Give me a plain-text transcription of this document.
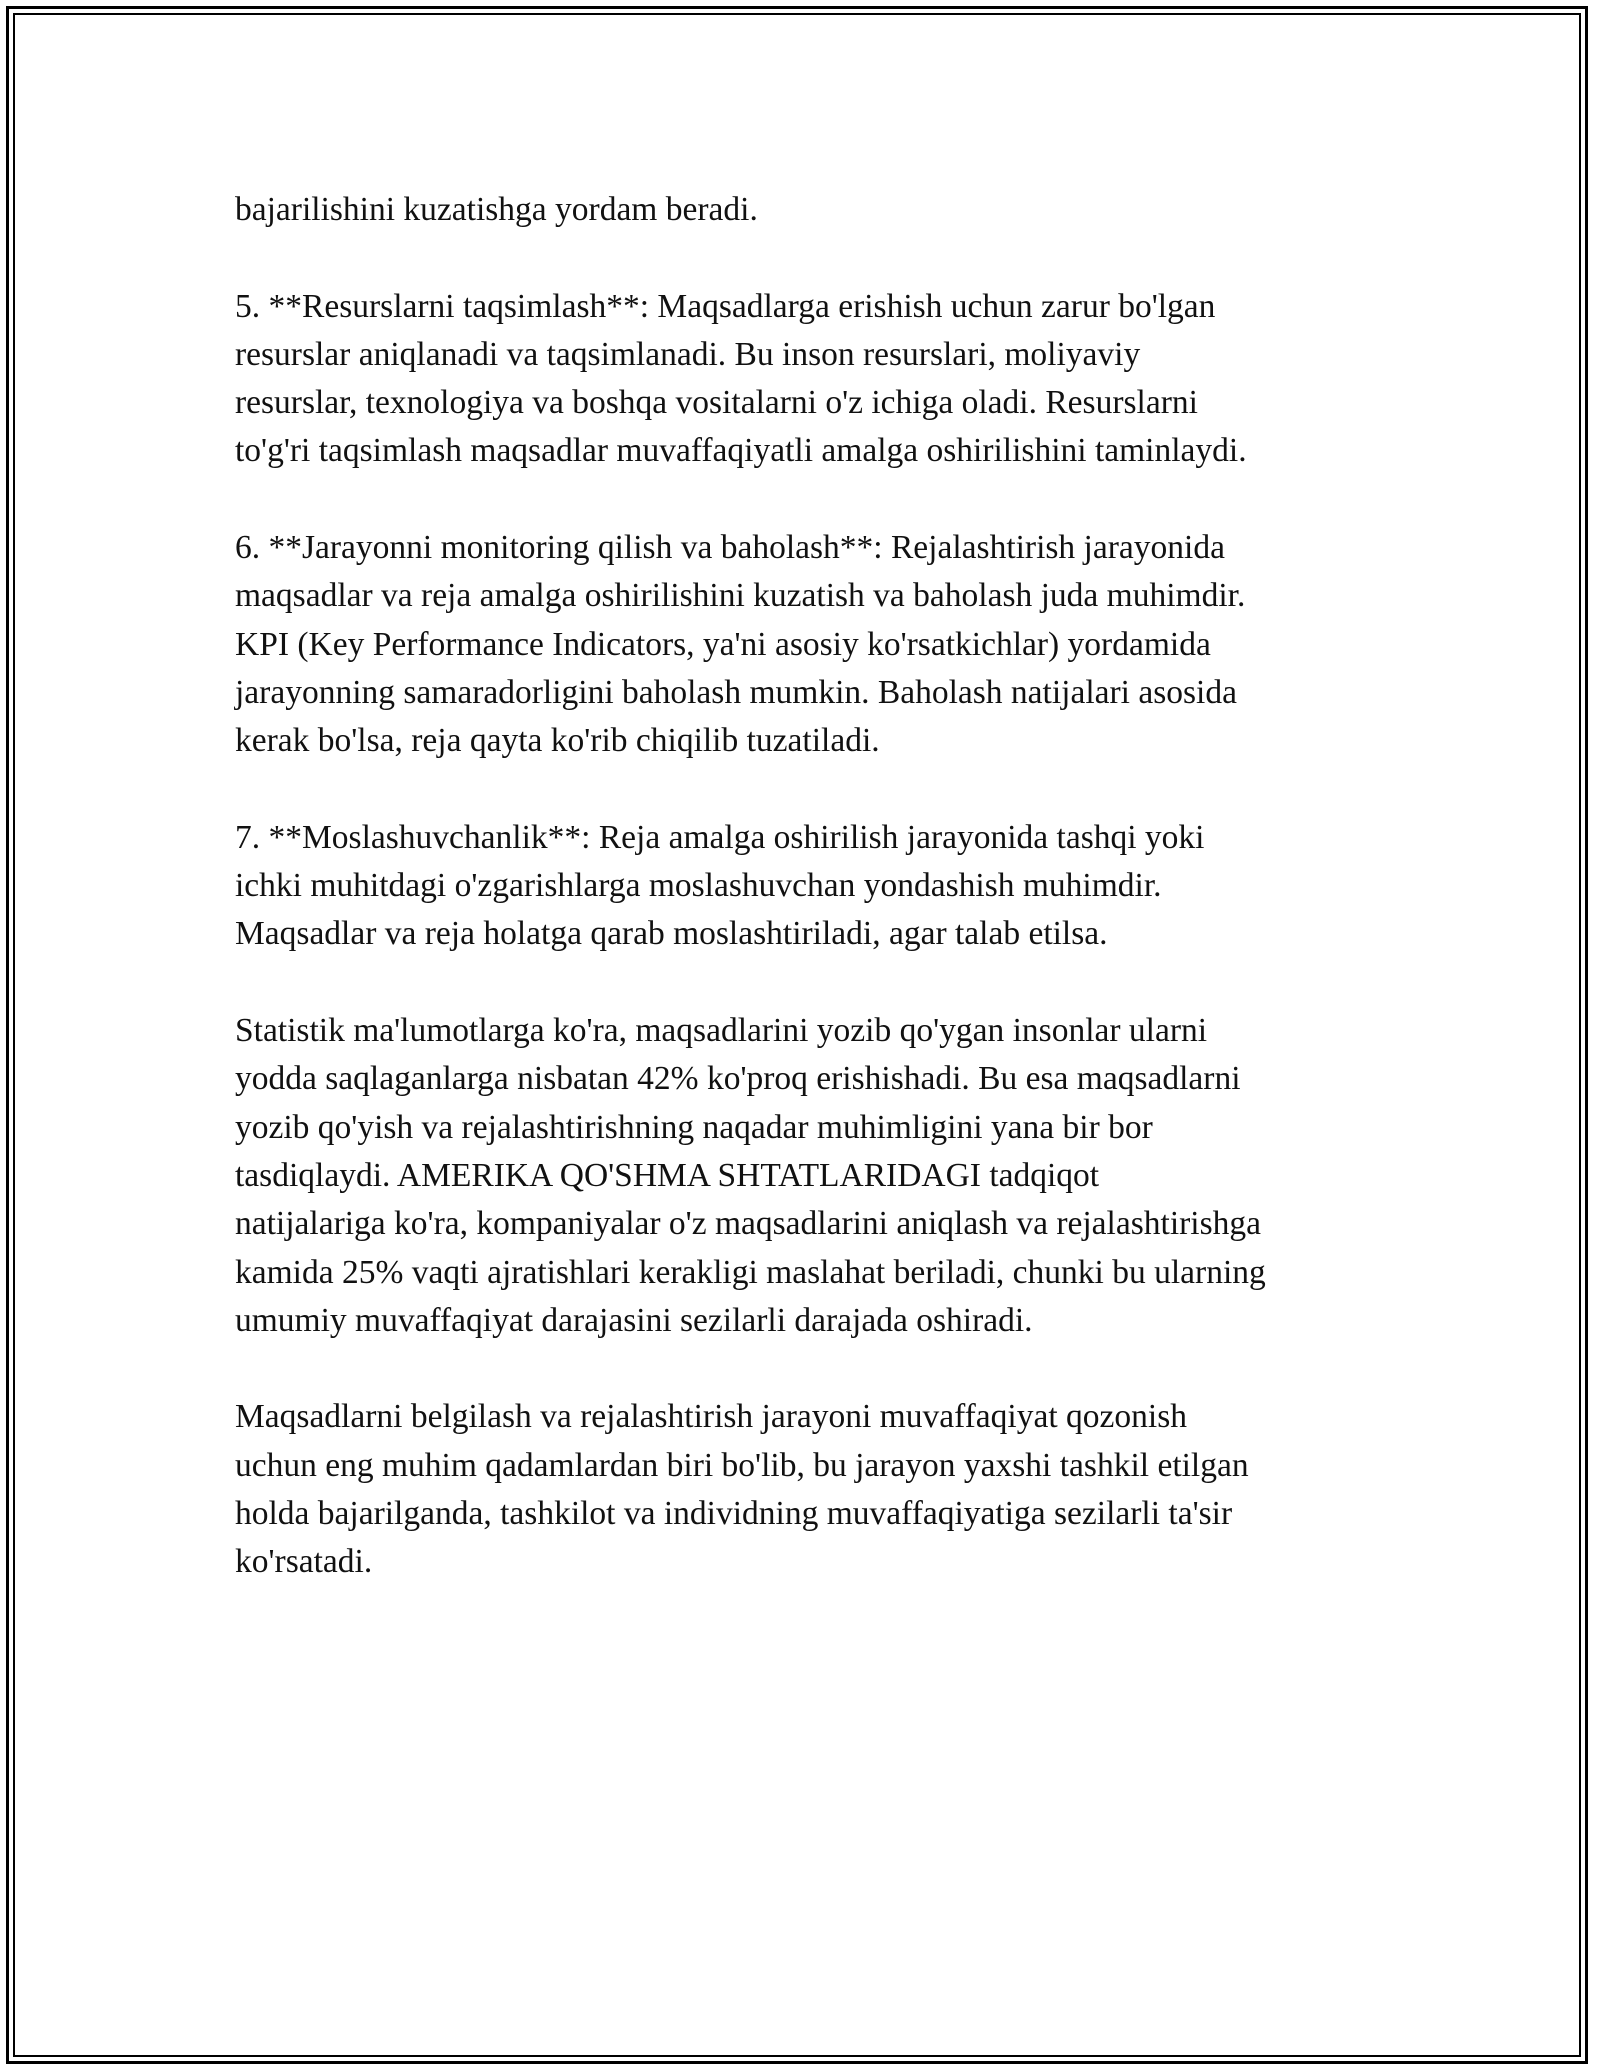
bajarilishini kuzatishga yordam beradi.

5. **Resurslarni taqsimlash**: Maqsadlarga erishish uchun zarur bo'lgan
resurslar aniqlanadi va taqsimlanadi. Bu inson resurslari, moliyaviy
resurslar, texnologiya va boshqa vositalarni o'z ichiga oladi. Resurslarni
to'g'ri taqsimlash maqsadlar muvaffaqiyatli amalga oshirilishini taminlaydi.

6. **Jarayonni monitoring qilish va baholash**: Rejalashtirish jarayonida
maqsadlar va reja amalga oshirilishini kuzatish va baholash juda muhimdir.
KPI (Key Performance Indicators, ya'ni asosiy ko'rsatkichlar) yordamida
jarayonning samaradorligini baholash mumkin. Baholash natijalari asosida
kerak bo'lsa, reja qayta ko'rib chiqilib tuzatiladi.

7. **Moslashuvchanlik**: Reja amalga oshirilish jarayonida tashqi yoki
ichki muhitdagi o'zgarishlarga moslashuvchan yondashish muhimdir.
Maqsadlar va reja holatga qarab moslashtiriladi, agar talab etilsa.

Statistik ma'lumotlarga ko'ra, maqsadlarini yozib qo'ygan insonlar ularni
yodda saqlaganlarga nisbatan 42% ko'proq erishishadi. Bu esa maqsadlarni
yozib qo'yish va rejalashtirishning naqadar muhimligini yana bir bor
tasdiqlaydi. AMERIKA QO'SHMA SHTATLARIDAGI tadqiqot
natijalariga ko'ra, kompaniyalar o'z maqsadlarini aniqlash va rejalashtirishga
kamida 25% vaqti ajratishlari kerakligi maslahat beriladi, chunki bu ularning
umumiy muvaffaqiyat darajasini sezilarli darajada oshiradi.

Maqsadlarni belgilash va rejalashtirish jarayoni muvaffaqiyat qozonish
uchun eng muhim qadamlardan biri bo'lib, bu jarayon yaxshi tashkil etilgan
holda bajarilganda, tashkilot va individning muvaffaqiyatiga sezilarli ta'sir
ko'rsatadi.
